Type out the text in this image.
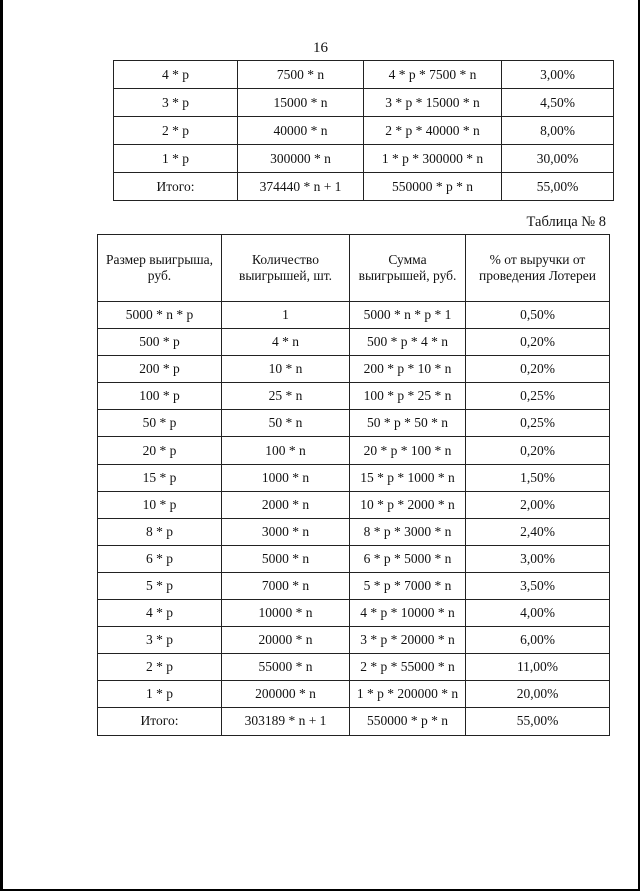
16
4 * p	7500 * n	4 * p * 7500 * n	3,00%
3 * p	15000 * n	3 * p * 15000 * n	4,50%
2 * p	40000 * n	2 * p * 40000 * n	8,00%
1 * p	300000 * n	1 * p * 300000 * n	30,00%
Итого:	374440 * n + 1	550000 * p * n	55,00%
Таблица № 8
Размер выигрыша, руб.	Количество выигрышей, шт.	Сумма выигрышей, руб.	% от выручки от проведения Лотереи
5000 * n * p	1	5000 * n * p * 1	0,50%
500 * p	4 * n	500 * p * 4 * n	0,20%
200 * p	10 * n	200 * p * 10 * n	0,20%
100 * p	25 * n	100 * p * 25 * n	0,25%
50 * p	50 * n	50 * p * 50 * n	0,25%
20 * p	100 * n	20 * p * 100 * n	0,20%
15 * p	1000 * n	15 * p * 1000 * n	1,50%
10 * p	2000 * n	10 * p * 2000 * n	2,00%
8 * p	3000 * n	8 * p * 3000 * n	2,40%
6 * p	5000 * n	6 * p * 5000 * n	3,00%
5 * p	7000 * n	5 * p * 7000 * n	3,50%
4 * p	10000 * n	4 * p * 10000 * n	4,00%
3 * p	20000 * n	3 * p * 20000 * n	6,00%
2 * p	55000 * n	2 * p * 55000 * n	11,00%
1 * p	200000 * n	1 * p * 200000 * n	20,00%
Итого:	303189 * n + 1	550000 * p * n	55,00%
